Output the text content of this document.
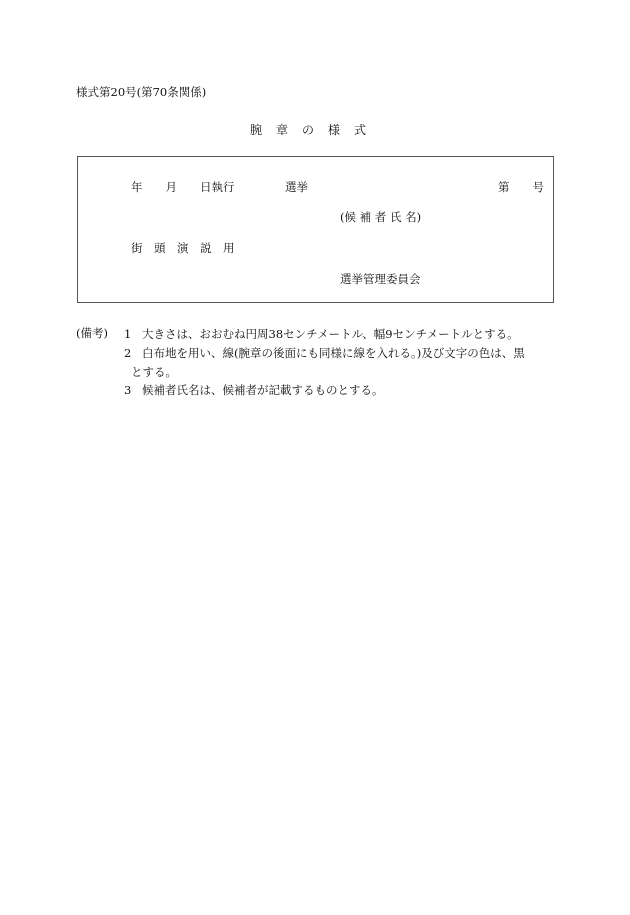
様式第20号(第70条関係)
腕章の様式
年　　月　　日執行	選挙	第　　号
(候 補 者 氏 名)
街　頭　演　説　用
選挙管理委員会
(備考) 1 大きさは、おおむね円周38センチメートル、幅9センチメートルとする。
2 白布地を用い、線(腕章の後面にも同様に線を入れる。)及び文字の色は、黒
とする。
3 候補者氏名は、候補者が記載するものとする。
